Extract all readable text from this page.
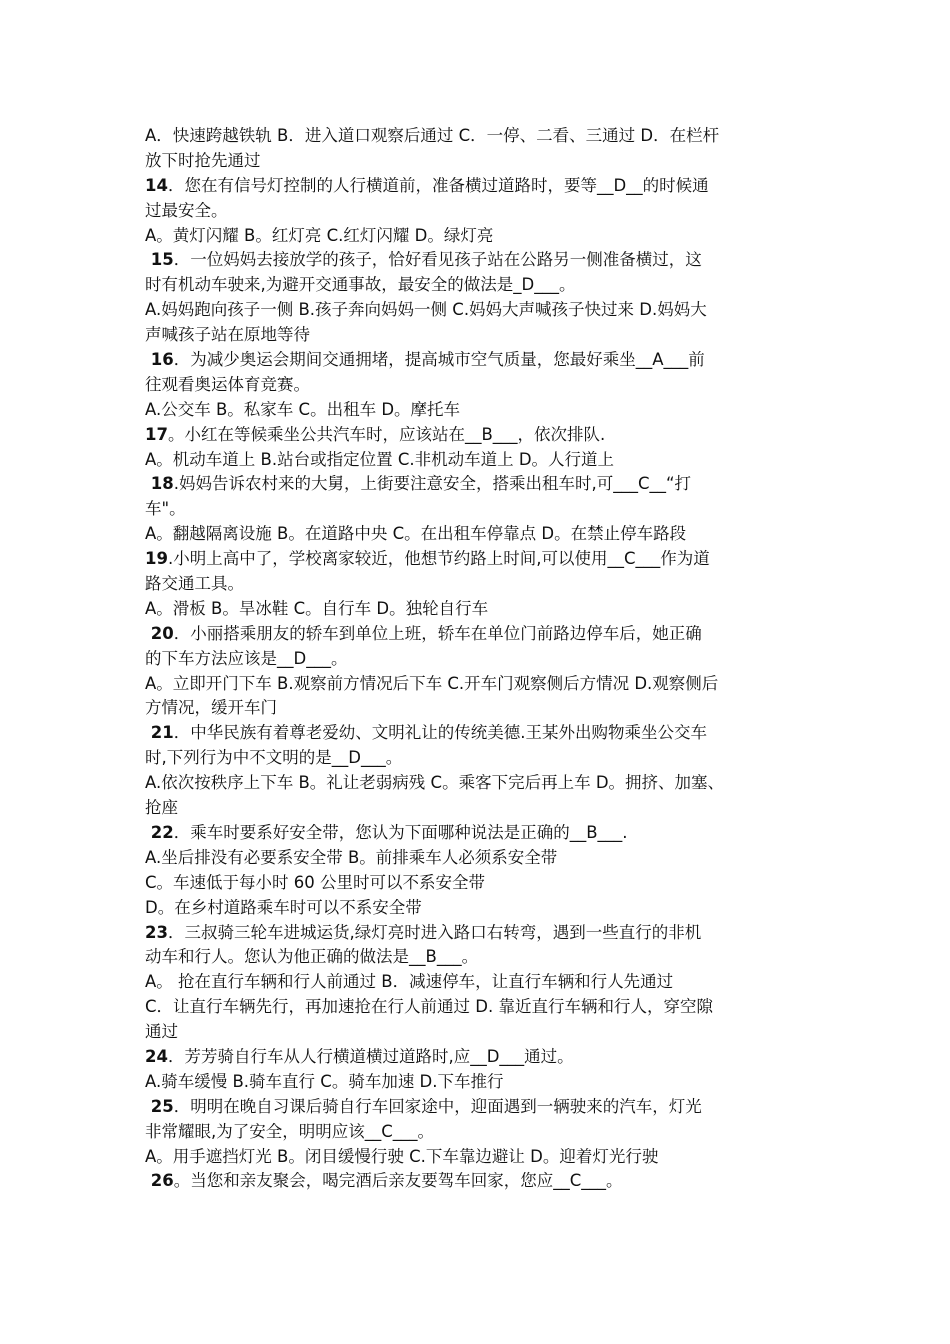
A．快速跨越铁轨 B．进入道口观察后通过 C．一停、二看、三通过 D．在栏杆
放下时抢先通过
14．您在有信号灯控制的人行横道前，准备横过道路时，要等__D__的时候通
过最安全。
A。黄灯闪耀 B。红灯亮 C.红灯闪耀 D。绿灯亮
15．一位妈妈去接放学的孩子，恰好看见孩子站在公路另一侧准备横过，这
时有机动车驶来,为避开交通事故，最安全的做法是_D___。
A.妈妈跑向孩子一侧 B.孩子奔向妈妈一侧 C.妈妈大声喊孩子快过来 D.妈妈大
声喊孩子站在原地等待
16．为减少奥运会期间交通拥堵，提高城市空气质量，您最好乘坐__A___前
往观看奥运体育竞赛。
A.公交车 B。私家车 C。出租车 D。摩托车
17。小红在等候乘坐公共汽车时，应该站在__B___，依次排队.
A。机动车道上 B.站台或指定位置 C.非机动车道上 D。人行道上
18.妈妈告诉农村来的大舅，上街要注意安全，搭乘出租车时,可___C__“打
车"。
A。翻越隔离设施 B。在道路中央 C。在出租车停靠点 D。在禁止停车路段
19.小明上高中了，学校离家较近，他想节约路上时间,可以使用__C___作为道
路交通工具。
A。滑板 B。旱冰鞋 C。自行车 D。独轮自行车
20．小丽搭乘朋友的轿车到单位上班，轿车在单位门前路边停车后，她正确
的下车方法应该是__D___。
A。立即开门下车 B.观察前方情况后下车 C.开车门观察侧后方情况 D.观察侧后
方情况，缓开车门
21．中华民族有着尊老爱幼、文明礼让的传统美德.王某外出购物乘坐公交车
时,下列行为中不文明的是__D___。
A.依次按秩序上下车 B。礼让老弱病残 C。乘客下完后再上车 D。拥挤、加塞、
抢座
22．乘车时要系好安全带，您认为下面哪种说法是正确的__B___.
A.坐后排没有必要系安全带 B。前排乘车人必须系安全带
C。车速低于每小时 60 公里时可以不系安全带
D。在乡村道路乘车时可以不系安全带
23．三叔骑三轮车进城运货,绿灯亮时进入路口右转弯，遇到一些直行的非机
动车和行人。您认为他正确的做法是__B___。
A。 抢在直行车辆和行人前通过 B．减速停车，让直行车辆和行人先通过
C．让直行车辆先行，再加速抢在行人前通过 D. 靠近直行车辆和行人，穿空隙
通过
24．芳芳骑自行车从人行横道横过道路时,应__D___通过。
A.骑车缓慢 B.骑车直行 C。骑车加速 D.下车推行
25．明明在晚自习课后骑自行车回家途中，迎面遇到一辆驶来的汽车，灯光
非常耀眼,为了安全，明明应该__C___。
A。用手遮挡灯光 B。闭目缓慢行驶 C.下车靠边避让 D。迎着灯光行驶
26。当您和亲友聚会，喝完酒后亲友要驾车回家，您应__C___。
